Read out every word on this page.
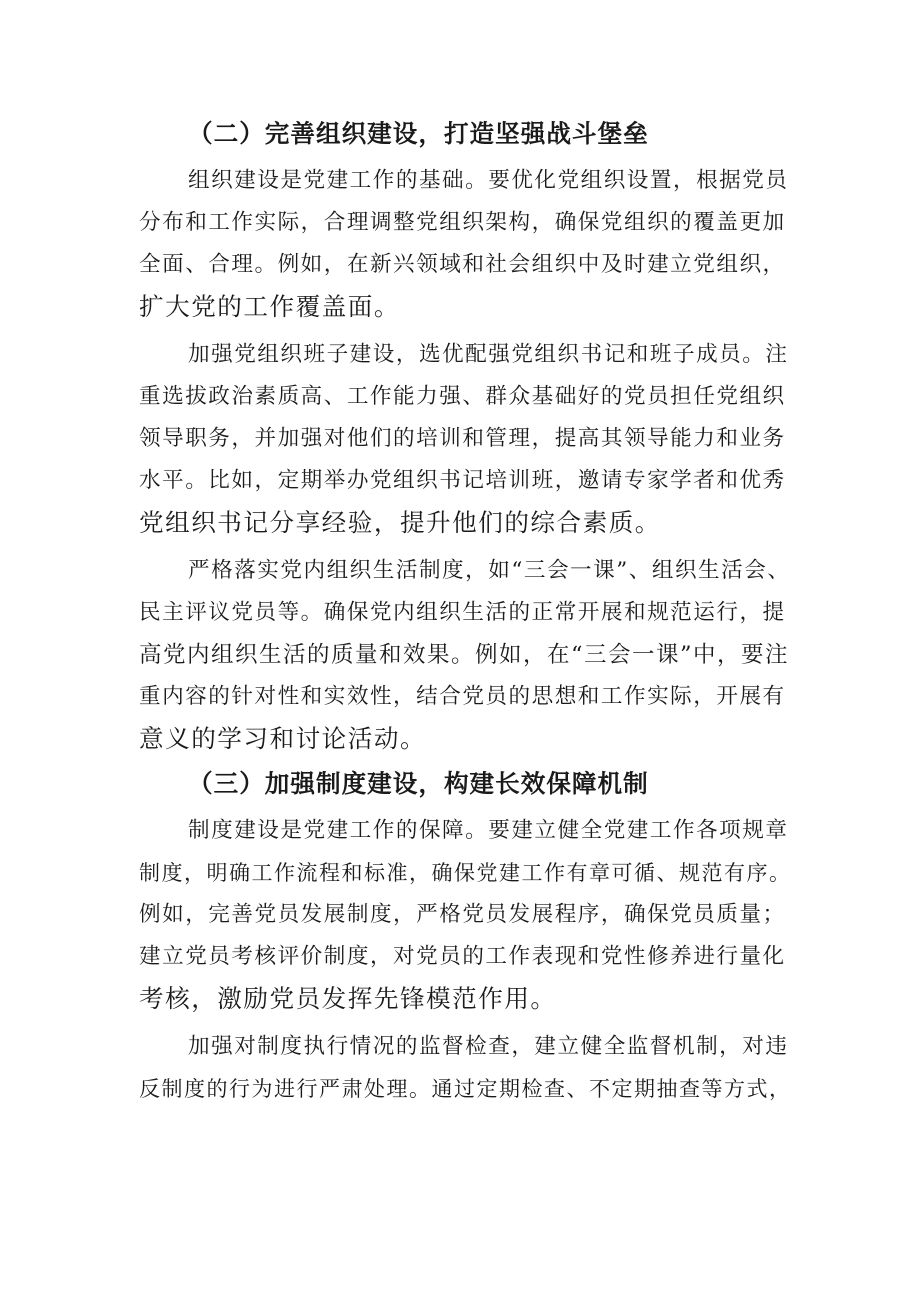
（二）完善组织建设，打造坚强战斗堡垒
组织建设是党建工作的基础。要优化党组织设置，根据党员
分布和工作实际，合理调整党组织架构，确保党组织的覆盖更加
全面、合理。例如，在新兴领域和社会组织中及时建立党组织，
扩大党的工作覆盖面。
加强党组织班子建设，选优配强党组织书记和班子成员。注
重选拔政治素质高、工作能力强、群众基础好的党员担任党组织
领导职务，并加强对他们的培训和管理，提高其领导能力和业务
水平。比如，定期举办党组织书记培训班，邀请专家学者和优秀
党组织书记分享经验，提升他们的综合素质。
严格落实党内组织生活制度，如“三会一课”、组织生活会、
民主评议党员等。确保党内组织生活的正常开展和规范运行，提
高党内组织生活的质量和效果。例如，在“三会一课”中，要注
重内容的针对性和实效性，结合党员的思想和工作实际，开展有
意义的学习和讨论活动。
（三）加强制度建设，构建长效保障机制
制度建设是党建工作的保障。要建立健全党建工作各项规章
制度，明确工作流程和标准，确保党建工作有章可循、规范有序。
例如，完善党员发展制度，严格党员发展程序，确保党员质量；
建立党员考核评价制度，对党员的工作表现和党性修养进行量化
考核，激励党员发挥先锋模范作用。
加强对制度执行情况的监督检查，建立健全监督机制，对违
反制度的行为进行严肃处理。通过定期检查、不定期抽查等方式，
